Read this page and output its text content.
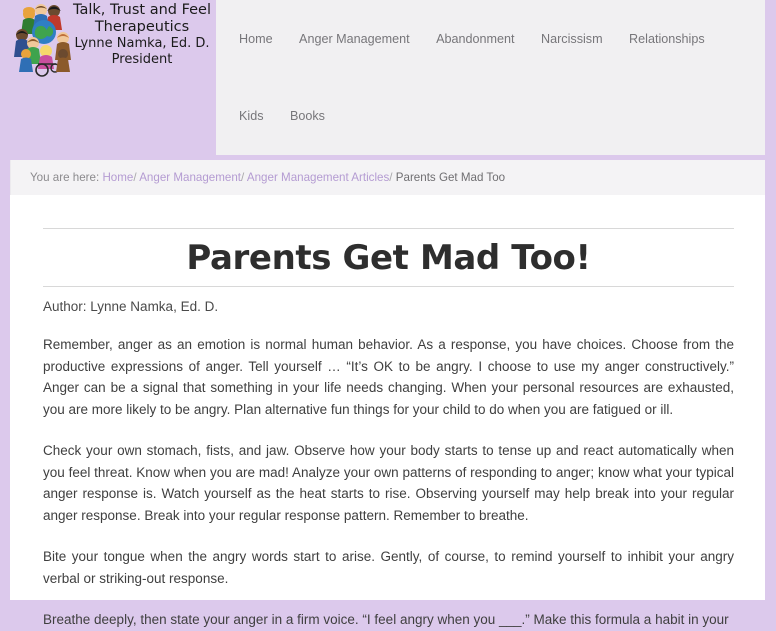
Talk, Trust and Feel Therapeutics
Lynne Namka, Ed. D.
President
Home Anger Management Abandonment Narcissism Relationships Kids Books
You are here: Home/ Anger Management/ Anger Management Articles/ Parents Get Mad Too
Parents Get Mad Too!
Author: Lynne Namka, Ed. D.

Remember, anger as an emotion is normal human behavior. As a response, you have choices. Choose from the productive expressions of anger. Tell yourself … “It’s OK to be angry. I choose to use my anger constructively.” Anger can be a signal that something in your life needs changing. When your personal resources are exhausted, you are more likely to be angry. Plan alternative fun things for your child to do when you are fatigued or ill.

Check your own stomach, fists, and jaw. Observe how your body starts to tense up and react automatically when you feel threat. Know when you are mad! Analyze your own patterns of responding to anger; know what your typical anger response is. Watch yourself as the heat starts to rise. Observing yourself may help break into your regular anger response. Break into your regular response pattern. Remember to breathe.

Bite your tongue when the angry words start to arise. Gently, of course, to remind yourself to inhibit your angry verbal or striking-out response.

Breathe deeply, then state your anger in a firm voice. “I feel angry when you ___.” Make this formula a habit in your
